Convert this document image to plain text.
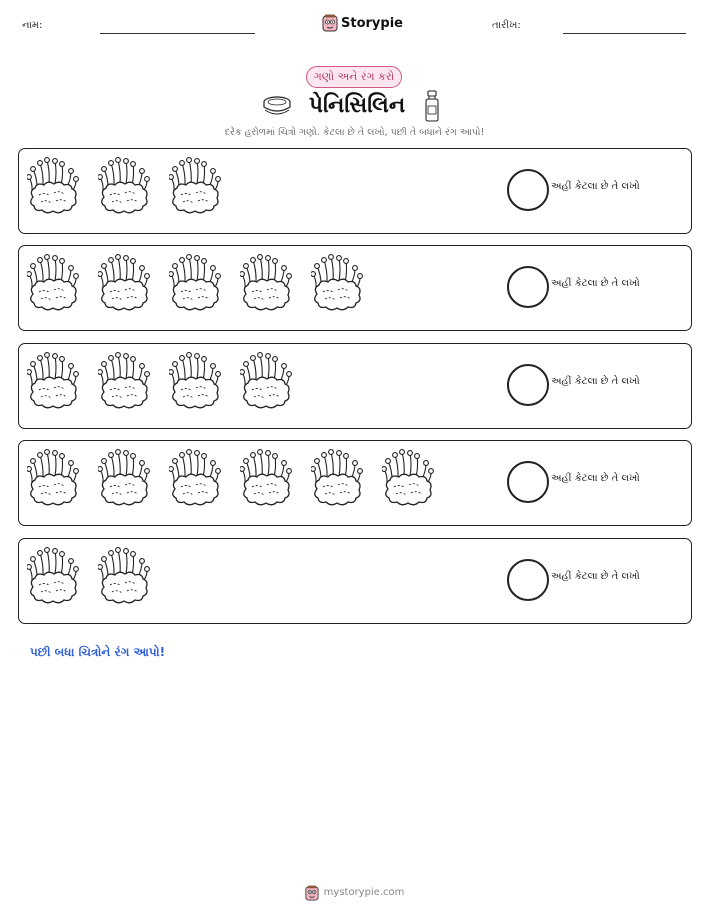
નામ:	Storypie	તારીખ:
ગણો અને રંગ કરો
પેનિસિલિન
દરેક હરોળમાં ચિત્રો ગણો. કેટલા છે તે લખો, પછી તે બધાને રંગ આપો!
અહીં કેટલા છે તે લખો
અહીં કેટલા છે તે લખો
અહીં કેટલા છે તે લખો
અહીં કેટલા છે તે લખો
અહીં કેટલા છે તે લખો
પછી બધા ચિત્રોને રંગ આપો!
mystorypie.com
